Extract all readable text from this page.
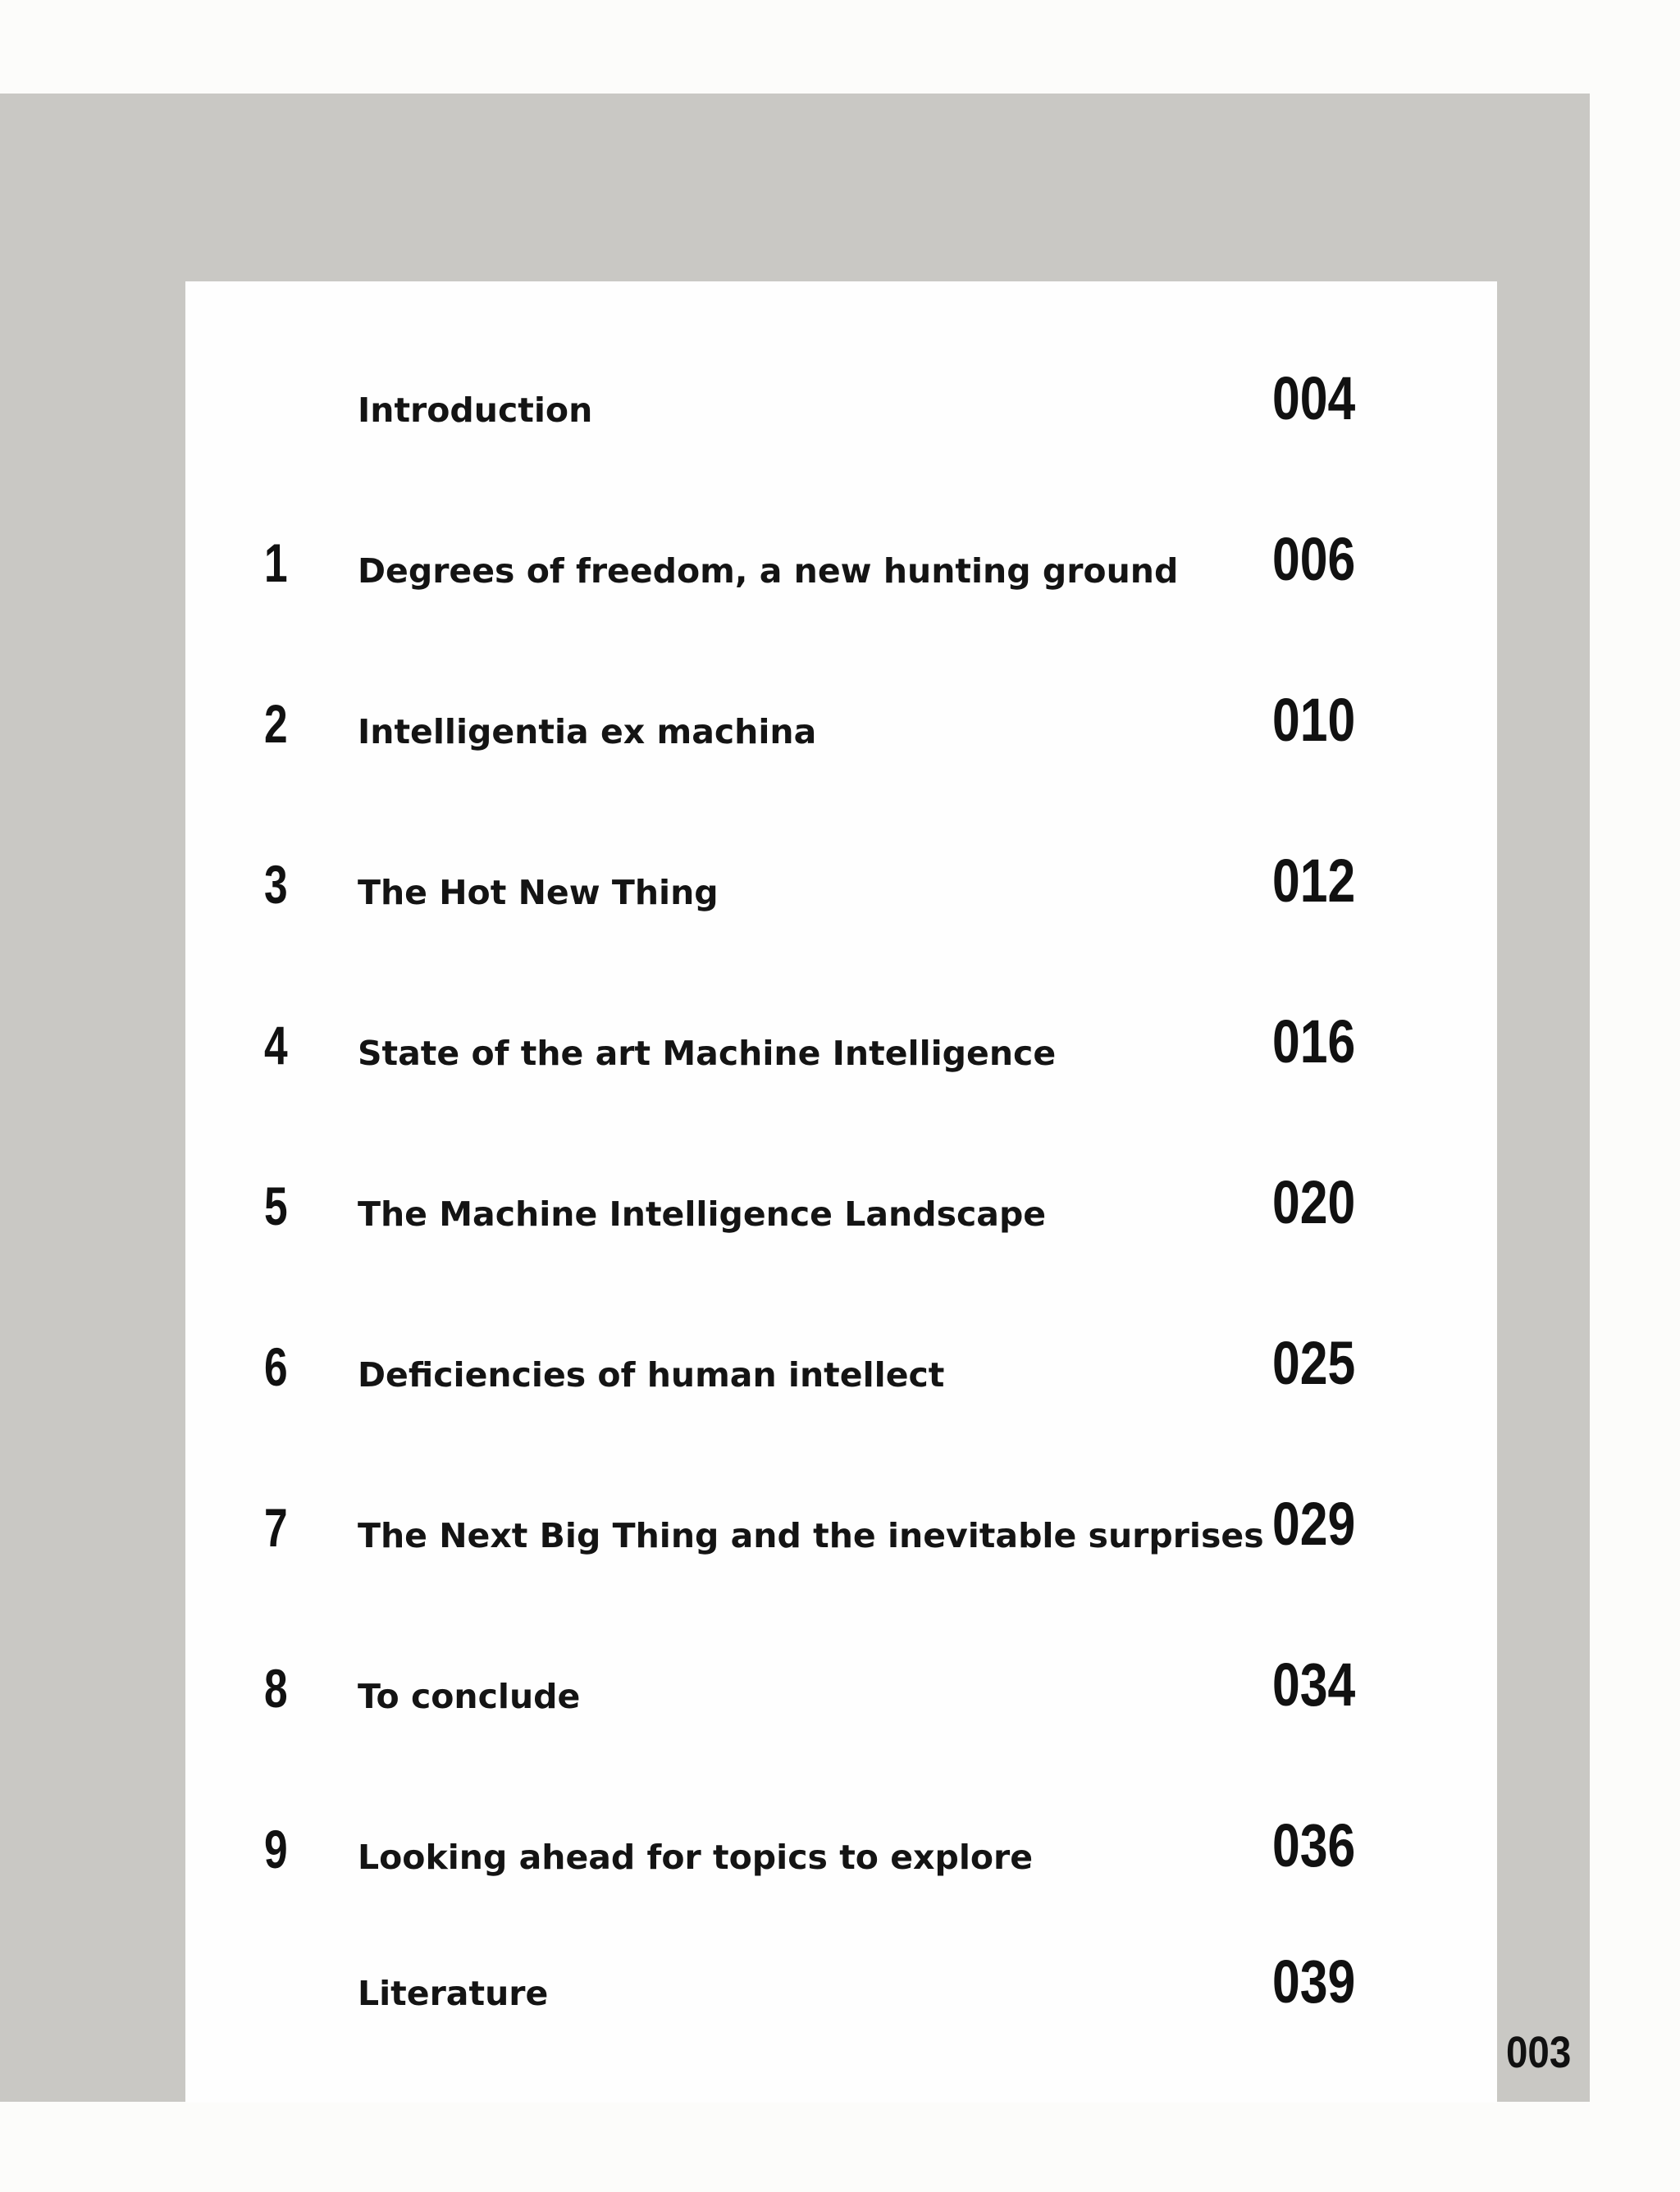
Introduction	004
1 Degrees of freedom, a new hunting ground 006
2 Intelligentia ex machina	010
3 The Hot New Thing	012
4 State of the art Machine Intelligence	016
5 The Machine Intelligence Landscape	020
6 Deficiencies of human intellect	025
7 The Next Big Thing and the inevitable surprises 029
8 To conclude	034
9 Looking ahead for topics to explore	036
Literature	039
003
